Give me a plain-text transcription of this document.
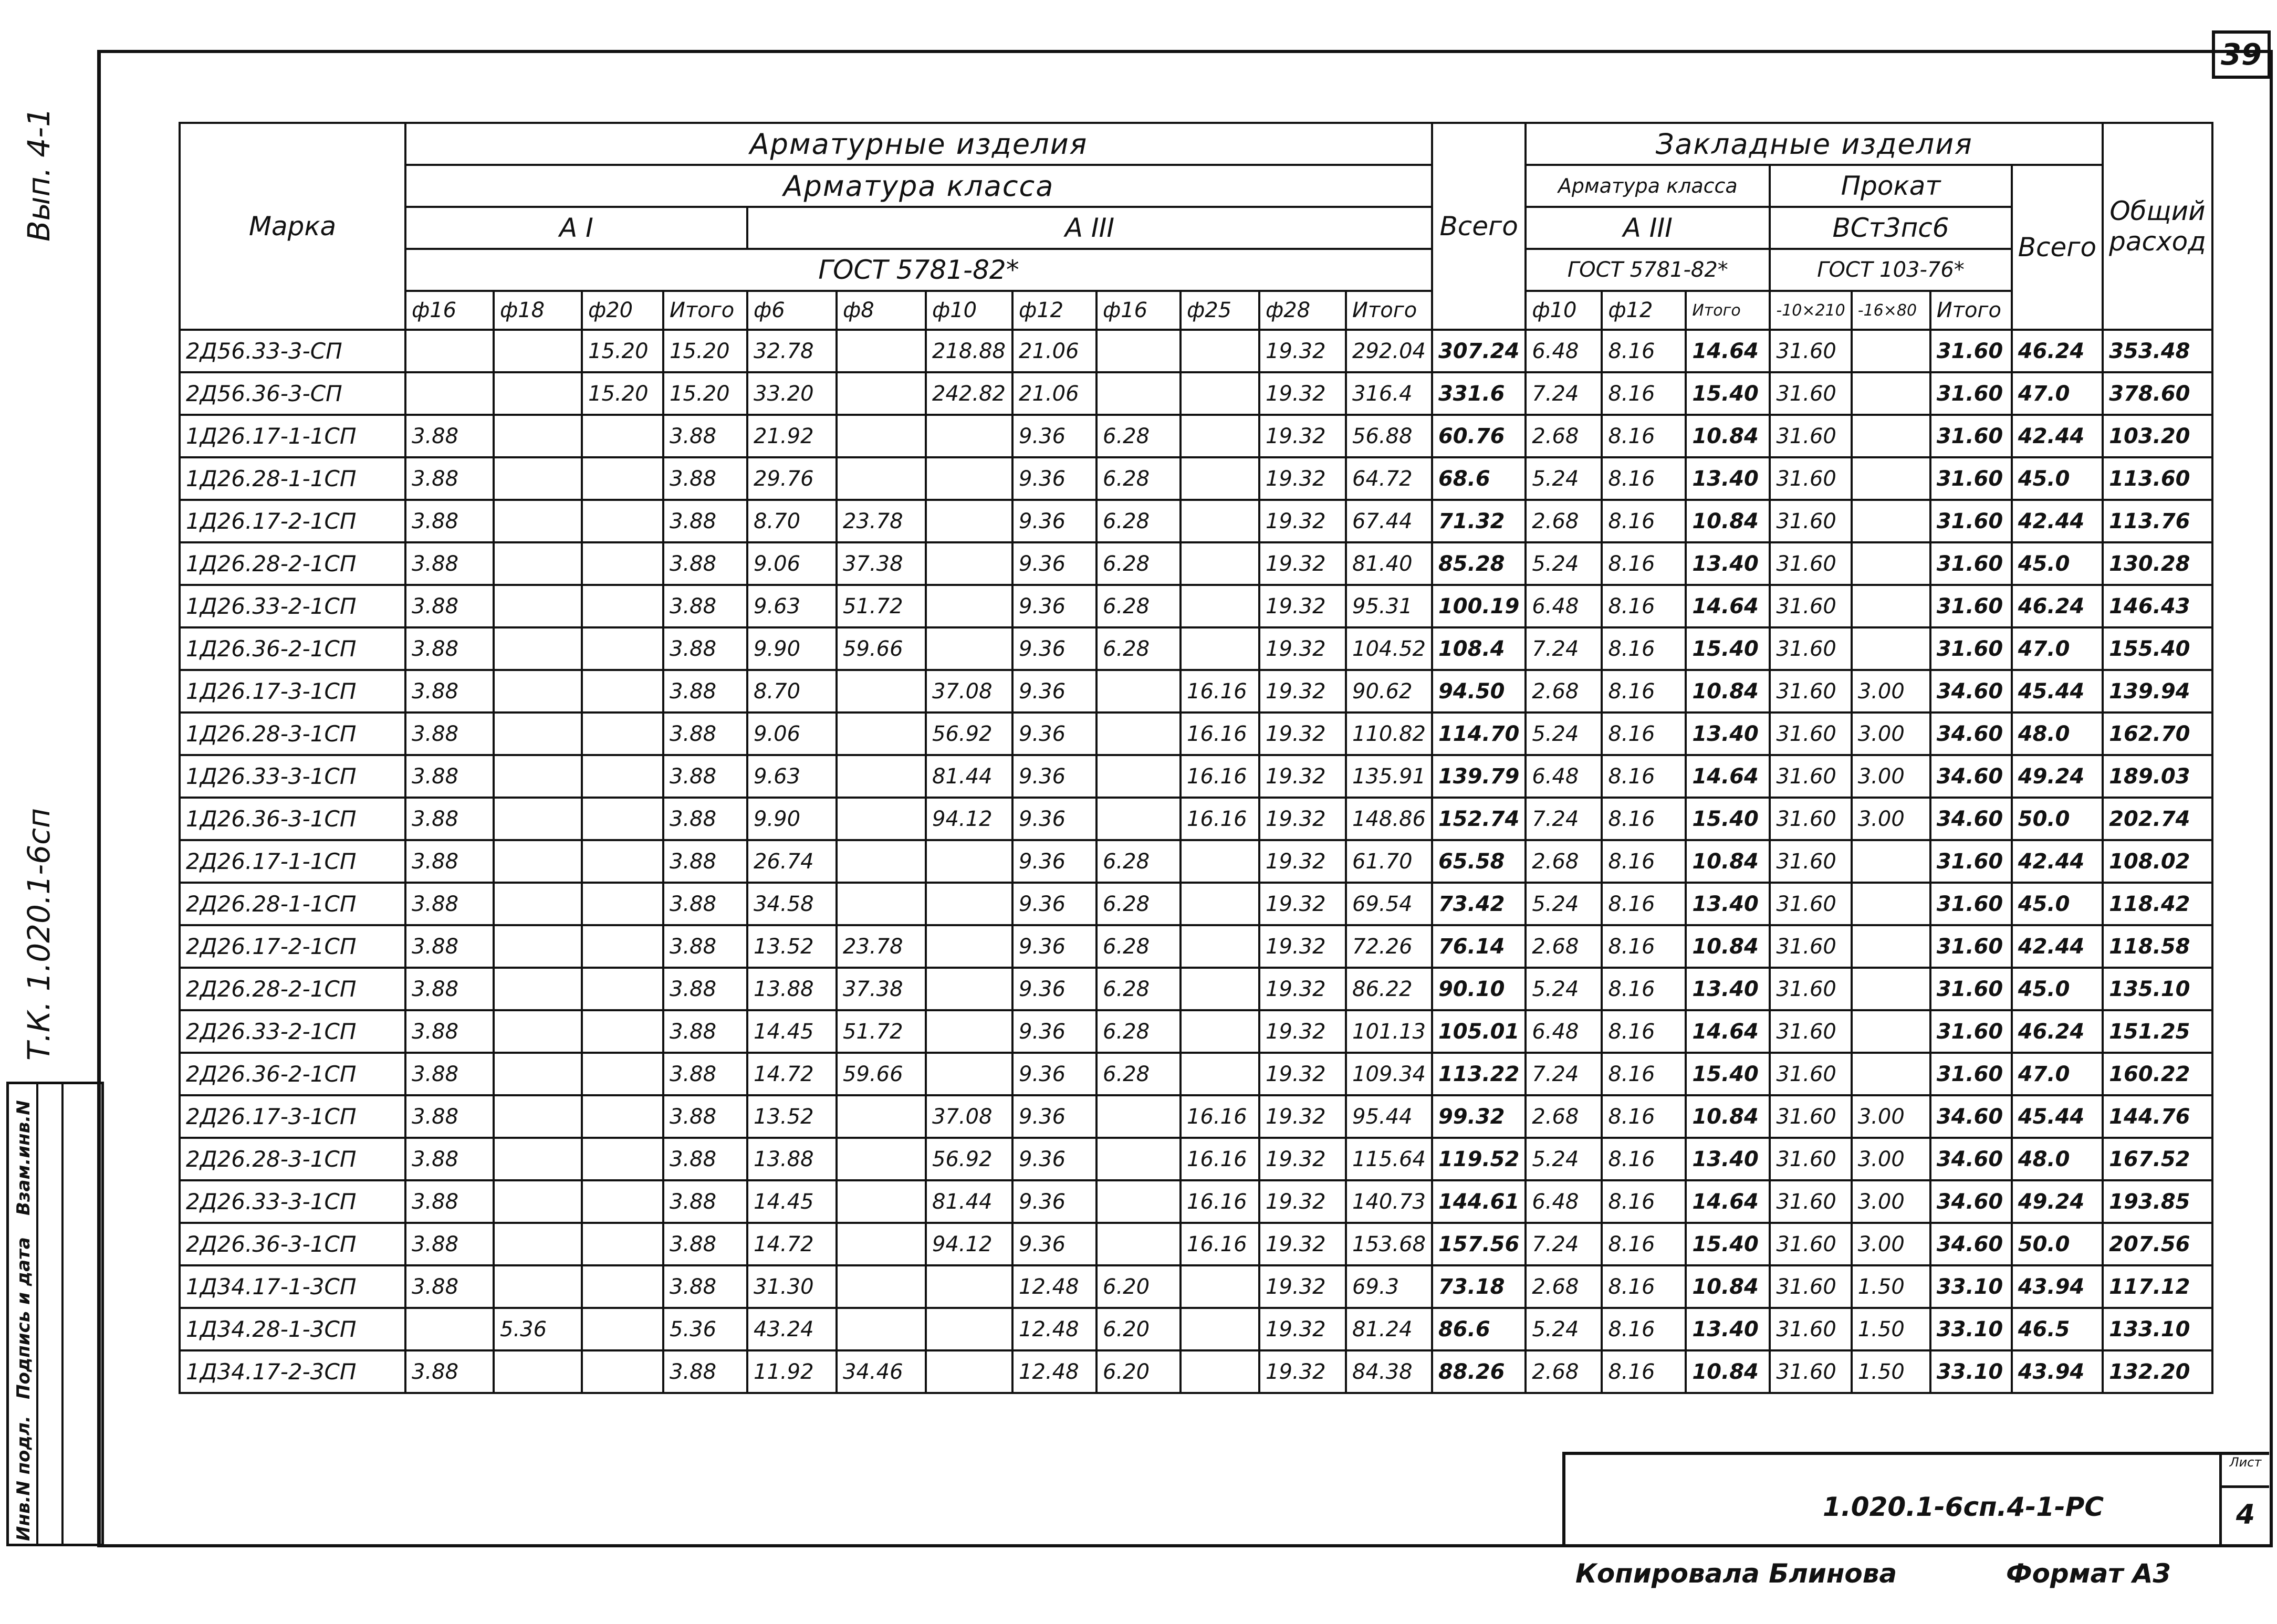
39
Вып. 4-1
Т.К. 1.020.1-6сп
Инв.N подл.
Подпись и дата
Взам.инв.N
Марка	Арматурные изделия												Всего	Закладные изделия							Общий расход
	Арматура класса													Арматура класса			Прокат			Всего	
	А I				А III									А III			ВСт3пс6				
	ГОСТ 5781-82*													ГОСТ 5781-82*			ГОСТ 103-76*				
	ф16	ф18	ф20	Итого	ф6	ф8	ф10	ф12	ф16	ф25	ф28	Итого		ф10	ф12	Итого	-10×210	-16×80	Итого		
2Д56.33-3-СП			15.20	15.20	32.78		218.88	21.06			19.32	292.04	307.24	6.48	8.16	14.64	31.60		31.60	46.24	353.48
2Д56.36-3-СП			15.20	15.20	33.20		242.82	21.06			19.32	316.4	331.6	7.24	8.16	15.40	31.60		31.60	47.0	378.60
1Д26.17-1-1СП	3.88			3.88	21.92			9.36	6.28		19.32	56.88	60.76	2.68	8.16	10.84	31.60		31.60	42.44	103.20
1Д26.28-1-1СП	3.88			3.88	29.76			9.36	6.28		19.32	64.72	68.6	5.24	8.16	13.40	31.60		31.60	45.0	113.60
1Д26.17-2-1СП	3.88			3.88	8.70	23.78		9.36	6.28		19.32	67.44	71.32	2.68	8.16	10.84	31.60		31.60	42.44	113.76
1Д26.28-2-1СП	3.88			3.88	9.06	37.38		9.36	6.28		19.32	81.40	85.28	5.24	8.16	13.40	31.60		31.60	45.0	130.28
1Д26.33-2-1СП	3.88			3.88	9.63	51.72		9.36	6.28		19.32	95.31	100.19	6.48	8.16	14.64	31.60		31.60	46.24	146.43
1Д26.36-2-1СП	3.88			3.88	9.90	59.66		9.36	6.28		19.32	104.52	108.4	7.24	8.16	15.40	31.60		31.60	47.0	155.40
1Д26.17-3-1СП	3.88			3.88	8.70		37.08	9.36		16.16	19.32	90.62	94.50	2.68	8.16	10.84	31.60	3.00	34.60	45.44	139.94
1Д26.28-3-1СП	3.88			3.88	9.06		56.92	9.36		16.16	19.32	110.82	114.70	5.24	8.16	13.40	31.60	3.00	34.60	48.0	162.70
1Д26.33-3-1СП	3.88			3.88	9.63		81.44	9.36		16.16	19.32	135.91	139.79	6.48	8.16	14.64	31.60	3.00	34.60	49.24	189.03
1Д26.36-3-1СП	3.88			3.88	9.90		94.12	9.36		16.16	19.32	148.86	152.74	7.24	8.16	15.40	31.60	3.00	34.60	50.0	202.74
2Д26.17-1-1СП	3.88			3.88	26.74			9.36	6.28		19.32	61.70	65.58	2.68	8.16	10.84	31.60		31.60	42.44	108.02
2Д26.28-1-1СП	3.88			3.88	34.58			9.36	6.28		19.32	69.54	73.42	5.24	8.16	13.40	31.60		31.60	45.0	118.42
2Д26.17-2-1СП	3.88			3.88	13.52	23.78		9.36	6.28		19.32	72.26	76.14	2.68	8.16	10.84	31.60		31.60	42.44	118.58
2Д26.28-2-1СП	3.88			3.88	13.88	37.38		9.36	6.28		19.32	86.22	90.10	5.24	8.16	13.40	31.60		31.60	45.0	135.10
2Д26.33-2-1СП	3.88			3.88	14.45	51.72		9.36	6.28		19.32	101.13	105.01	6.48	8.16	14.64	31.60		31.60	46.24	151.25
2Д26.36-2-1СП	3.88			3.88	14.72	59.66		9.36	6.28		19.32	109.34	113.22	7.24	8.16	15.40	31.60		31.60	47.0	160.22
2Д26.17-3-1СП	3.88			3.88	13.52		37.08	9.36		16.16	19.32	95.44	99.32	2.68	8.16	10.84	31.60	3.00	34.60	45.44	144.76
2Д26.28-3-1СП	3.88			3.88	13.88		56.92	9.36		16.16	19.32	115.64	119.52	5.24	8.16	13.40	31.60	3.00	34.60	48.0	167.52
2Д26.33-3-1СП	3.88			3.88	14.45		81.44	9.36		16.16	19.32	140.73	144.61	6.48	8.16	14.64	31.60	3.00	34.60	49.24	193.85
2Д26.36-3-1СП	3.88			3.88	14.72		94.12	9.36		16.16	19.32	153.68	157.56	7.24	8.16	15.40	31.60	3.00	34.60	50.0	207.56
1Д34.17-1-3СП	3.88			3.88	31.30			12.48	6.20		19.32	69.3	73.18	2.68	8.16	10.84	31.60	1.50	33.10	43.94	117.12
1Д34.28-1-3СП		5.36		5.36	43.24			12.48	6.20		19.32	81.24	86.6	5.24	8.16	13.40	31.60	1.50	33.10	46.5	133.10
1Д34.17-2-3СП	3.88			3.88	11.92	34.46		12.48	6.20		19.32	84.38	88.26	2.68	8.16	10.84	31.60	1.50	33.10	43.94	132.20
Лист
4
1.020.1-6сп.4-1-РС
Копировала Блинова	Формат А3
